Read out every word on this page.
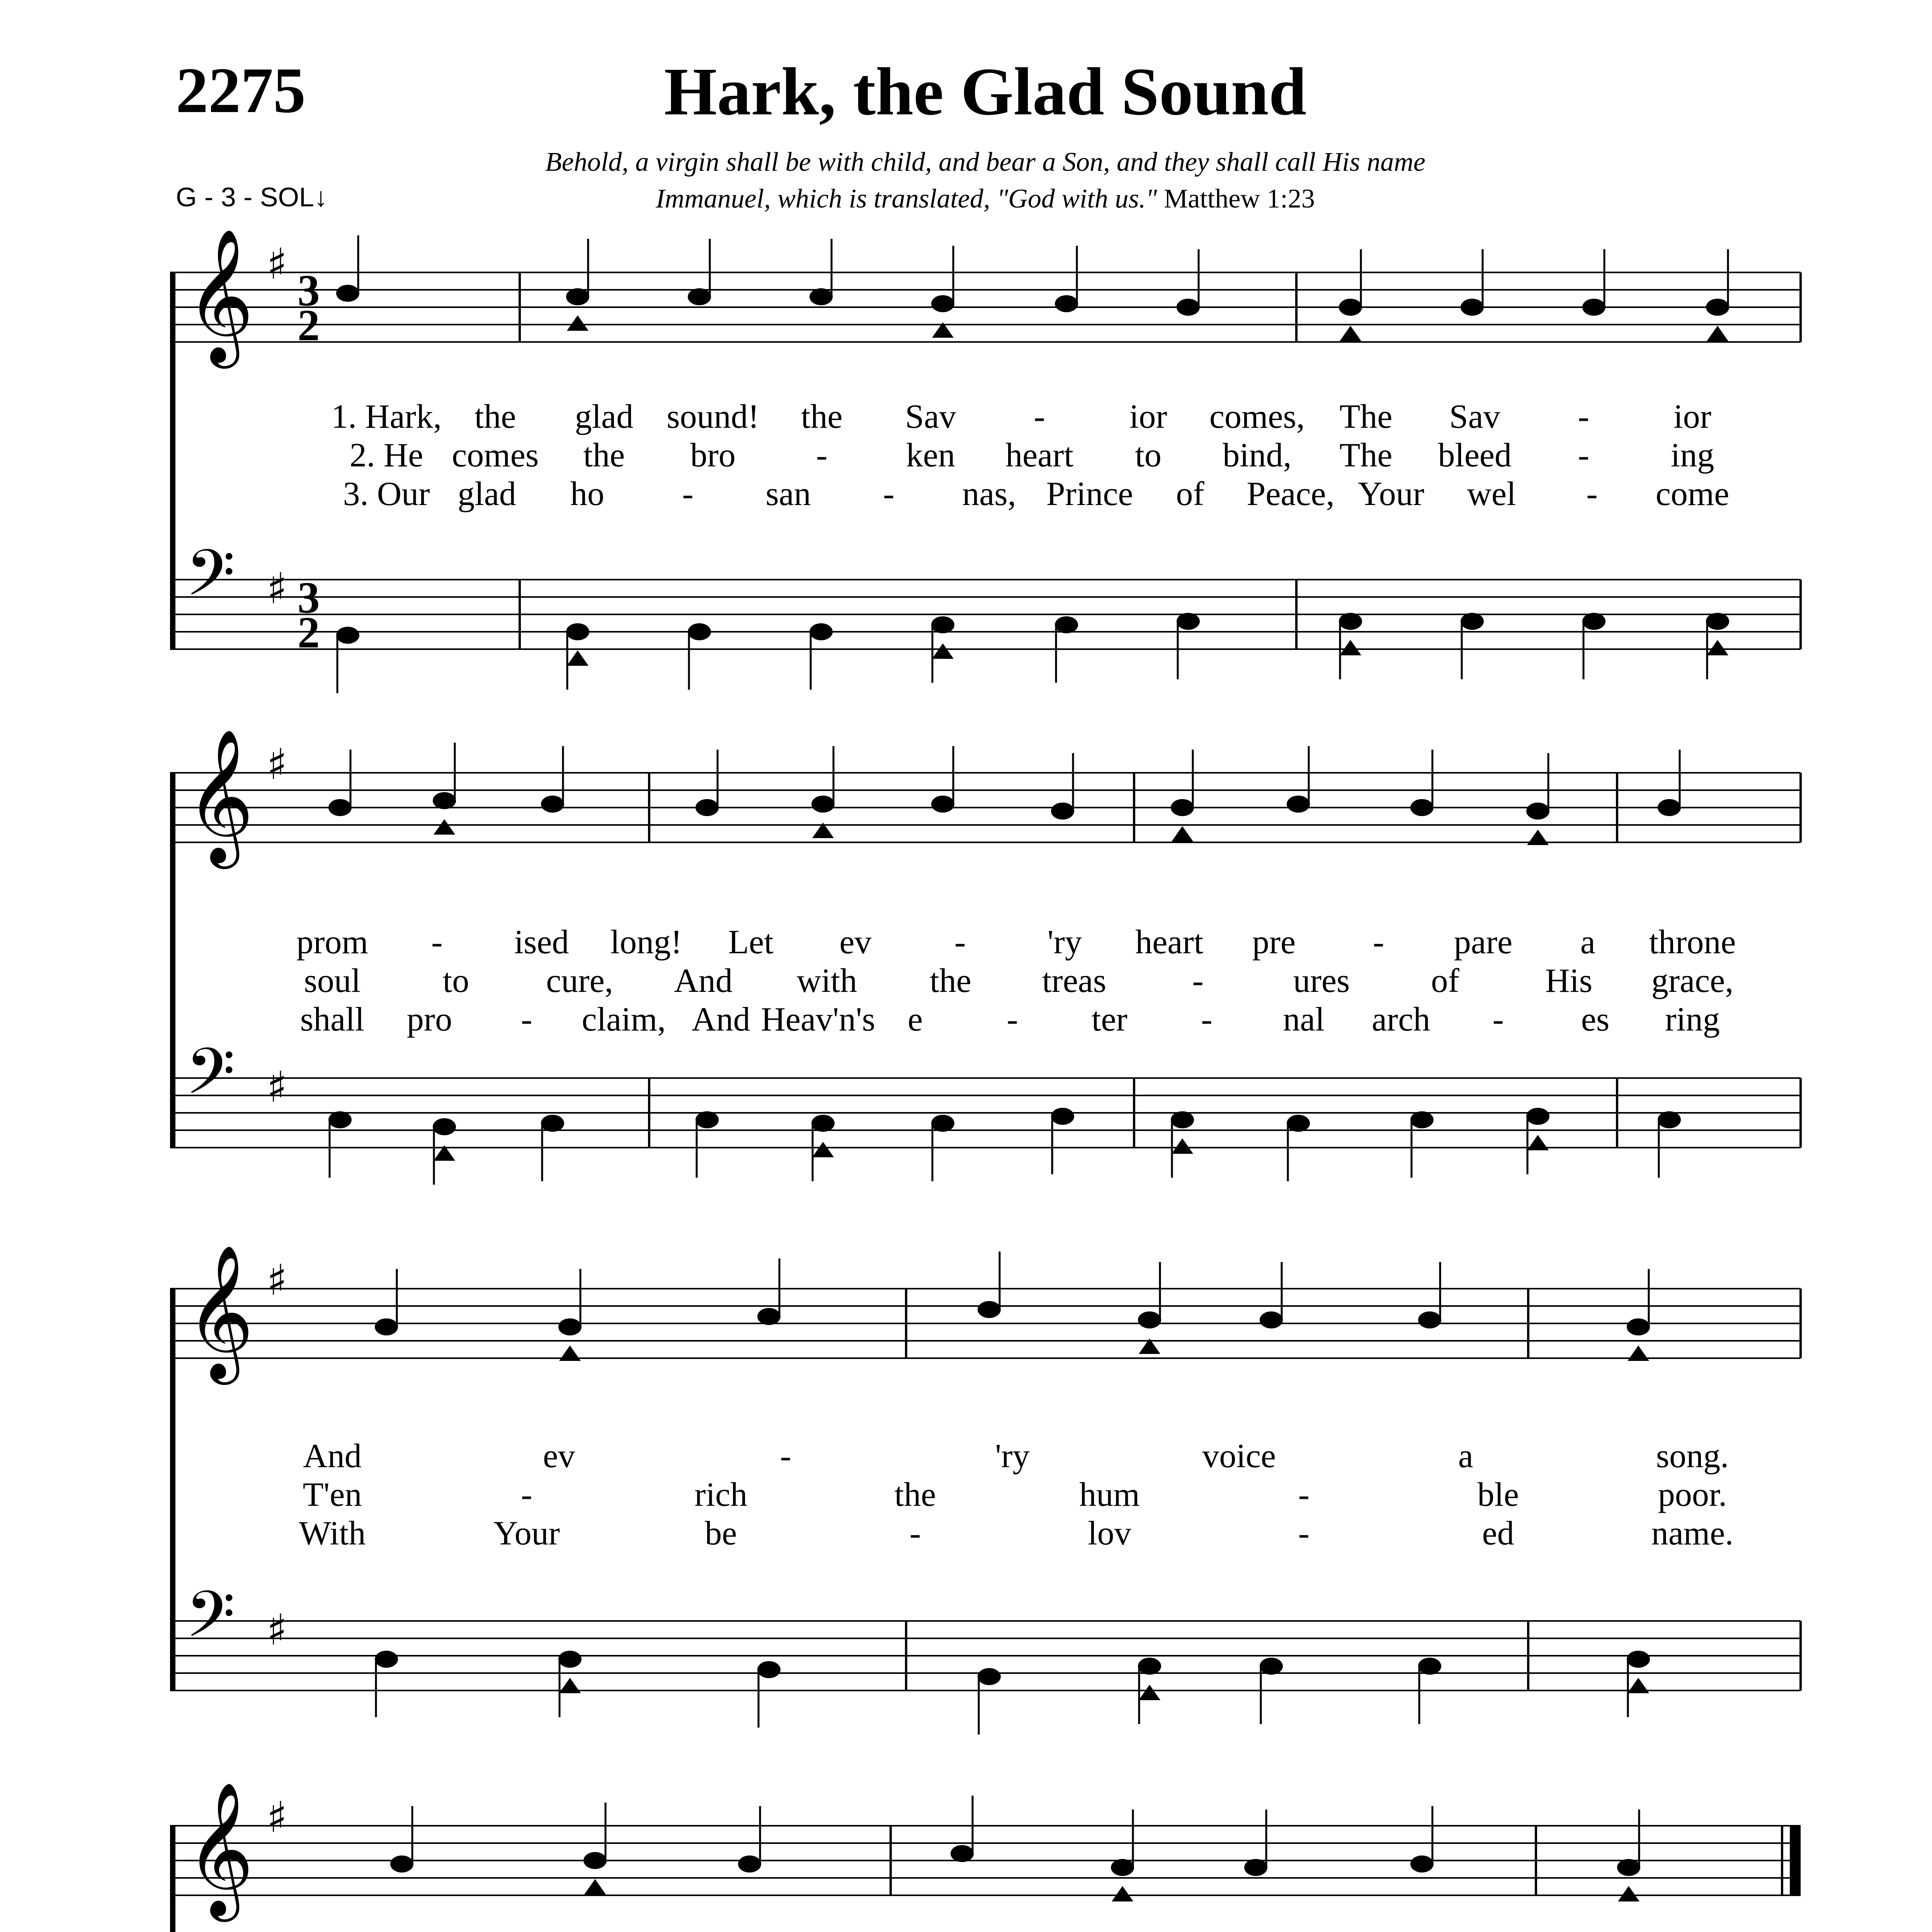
2275	Hark, the Glad Sound
G - 3 - SOL↓
Behold, a virgin shall be with child, and bear a Son, and they shall call His name
Immanuel, which is translated, "God with us." Matthew 1:23
𝄞 ♯
3
2
𝄢 ♯ 3
2
𝄞 ♯
𝄢 ♯
𝄞 ♯
𝄢 ♯
𝄞 ♯
1. Hark, the glad sound! the Sav - ior comes, The Sav - ior
2. He comes the bro - ken heart to bind, The bleed - ing
3. Our glad ho - san - nas, Prince of Peace, Your wel - come
prom - ised long! Let ev - 'ry heart pre - pare a throne
soul to cure, And with the treas	-	ures of	His grace,
shall pro - claim, And Heav'n's e - ter - nal arch - es ring
And	ev	-	'ry	voice	a	song.
T'en	-	rich	the	hum	-	ble	poor.
With	Your	be	-	lov	-	ed	name.
